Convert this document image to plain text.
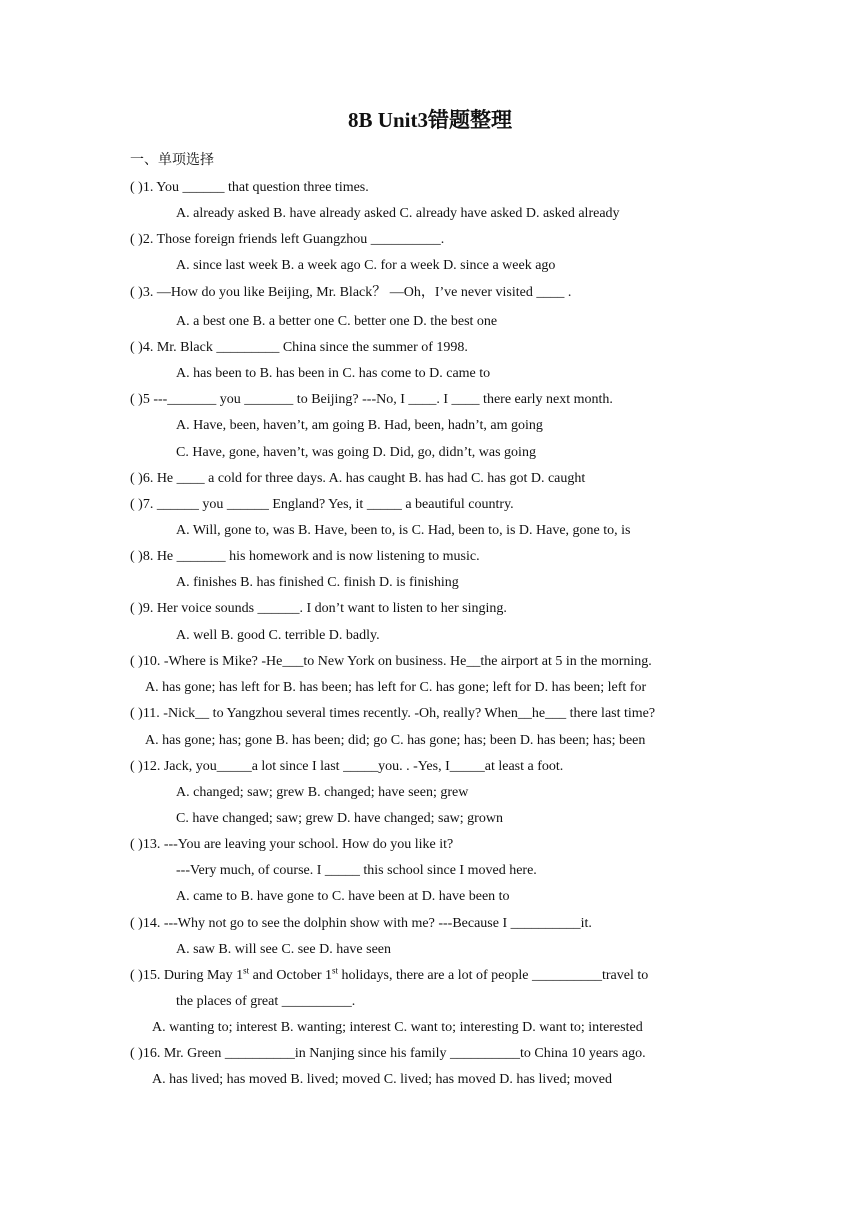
8B Unit3错题整理
一、单项选择
( )1. You ______ that question three times.
A. already asked B. have already asked C. already have asked D. asked already
( )2. Those foreign friends left Guangzhou __________.
A. since last week B. a week ago C. for a week D. since a week ago
( )3. —How do you like Beijing, Mr. Black？ —Oh，I’ve never visited ____ .
A. a best one B. a better one C. better one D. the best one
( )4. Mr. Black _________ China since the summer of 1998.
A. has been to B. has been in C. has come to D. came to
( )5 ---_______ you _______ to Beijing? ---No, I ____. I ____ there early next month.
A. Have, been, haven’t, am going B. Had, been, hadn’t, am going
C. Have, gone, haven’t, was going D. Did, go, didn’t, was going
( )6. He ____ a cold for three days. A. has caught B. has had C. has got D. caught
( )7. ______ you ______ England? Yes, it _____ a beautiful country.
A. Will, gone to, was B. Have, been to, is C. Had, been to, is D. Have, gone to, is
( )8. He _______ his homework and is now listening to music.
A. finishes B. has finished C. finish D. is finishing
( )9. Her voice sounds ______. I don’t want to listen to her singing.
A. well B. good C. terrible D. badly.
( )10. -Where is Mike? -He___to New York on business. He__the airport at 5 in the morning.
A. has gone; has left for B. has been; has left for C. has gone; left for D. has been; left for
( )11. -Nick__ to Yangzhou several times recently. -Oh, really? When__he___ there last time?
A. has gone; has; gone B. has been; did; go C. has gone; has; been D. has been; has; been
( )12. Jack, you_____a lot since I last _____you. . -Yes, I_____at least a foot.
A. changed; saw; grew B. changed; have seen; grew
C. have changed; saw; grew D. have changed; saw; grown
( )13. ---You are leaving your school. How do you like it?
---Very much, of course. I _____ this school since I moved here.
A. came to B. have gone to C. have been at D. have been to
( )14. ---Why not go to see the dolphin show with me? ---Because I __________it.
A. saw B. will see C. see D. have seen
( )15. During May 1st and October 1st holidays, there are a lot of people __________travel to
the places of great __________.
A. wanting to; interest B. wanting; interest C. want to; interesting D. want to; interested
( )16. Mr. Green __________in Nanjing since his family __________to China 10 years ago.
A. has lived; has moved B. lived; moved C. lived; has moved D. has lived; moved
